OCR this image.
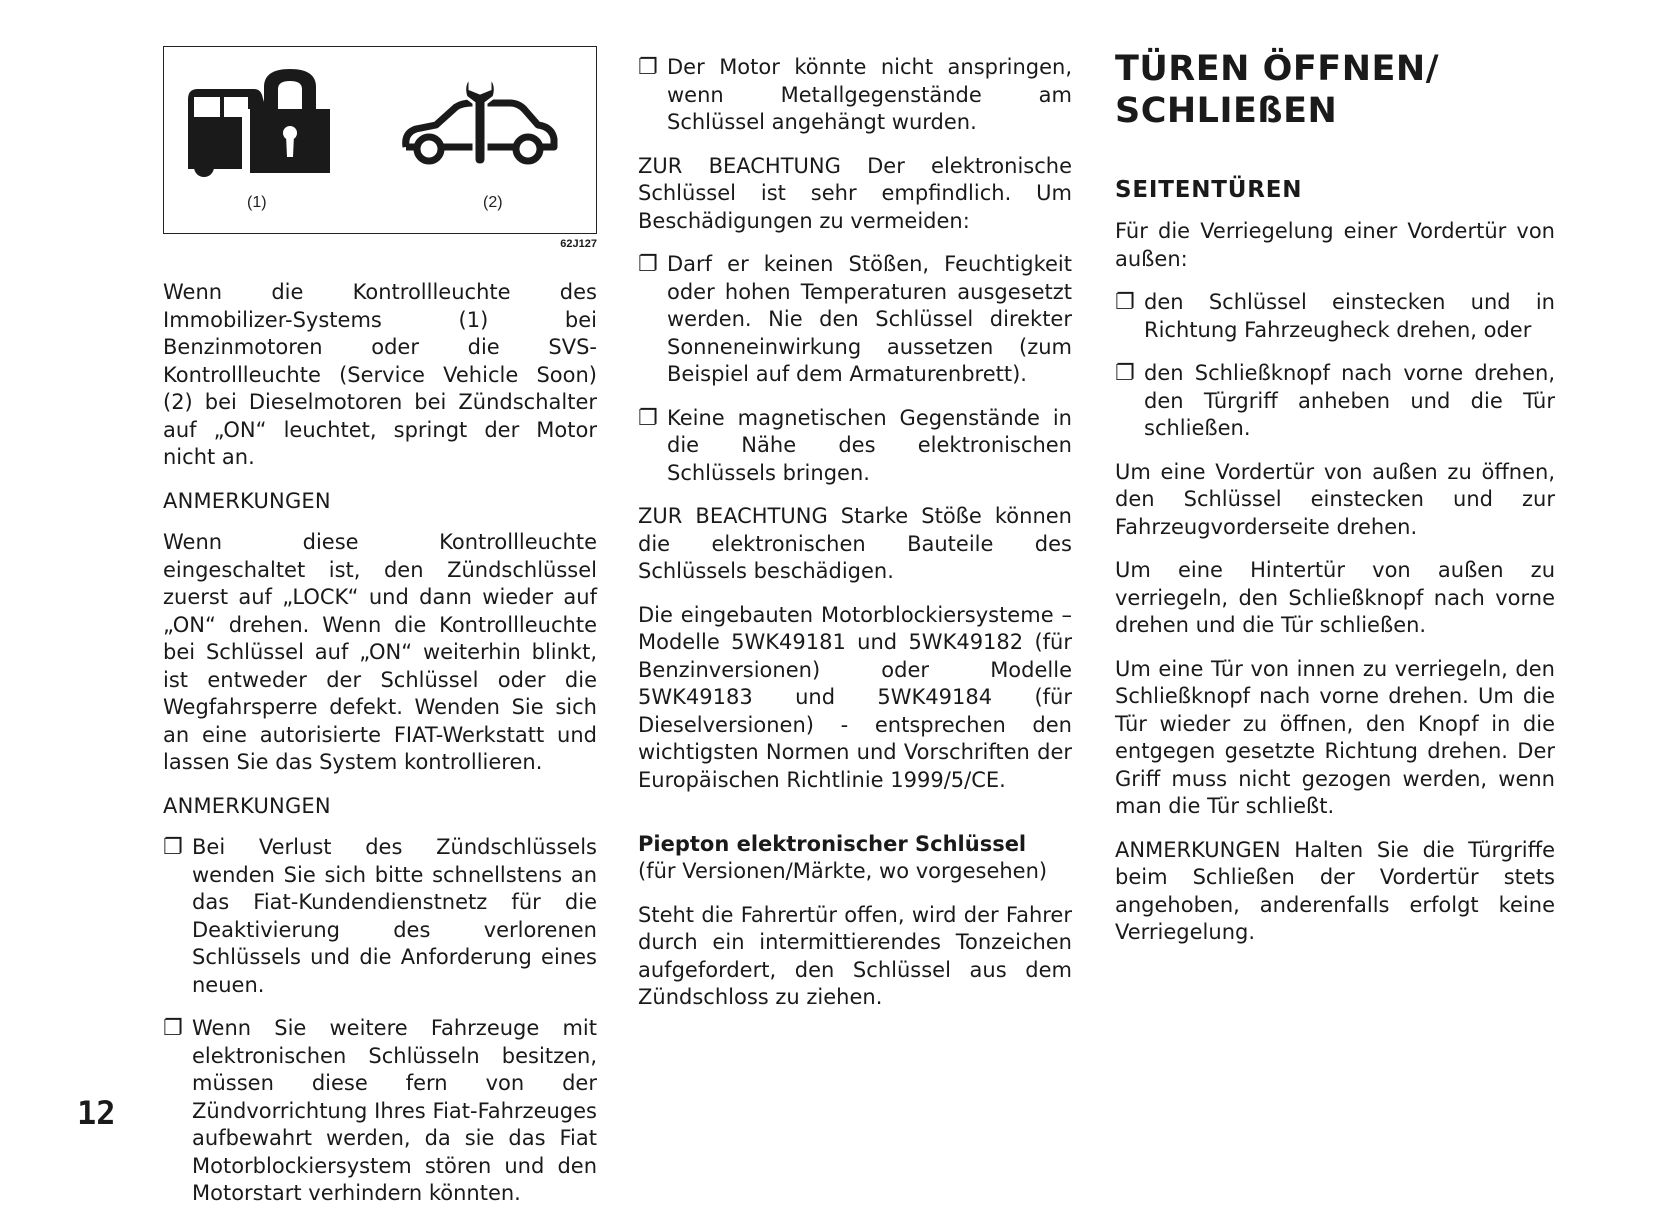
(1)	(2)
62J127

Wenn die Kontrollleuchte des Immobilizer-Systems (1) bei Benzinmotoren oder die SVS-Kontrollleuchte (Service Vehicle Soon) (2) bei Dieselmotoren bei Zündschalter auf „ON“ leuchtet, springt der Motor nicht an.

ANMERKUNGEN

Wenn diese Kontrollleuchte eingeschaltet ist, den Zündschlüssel zuerst auf „LOCK“ und dann wieder auf „ON“ drehen. Wenn die Kontrollleuchte bei Schlüssel auf „ON“ weiterhin blinkt, ist entweder der Schlüssel oder die Wegfahrsperre defekt. Wenden Sie sich an eine autorisierte FIAT-Werkstatt und lassen Sie das System kontrollieren.

ANMERKUNGEN

❐ Bei Verlust des Zündschlüssels wenden Sie sich bitte schnellstens an das Fiat-Kundendienstnetz für die Deaktivierung des verlorenen Schlüssels und die Anforderung eines neuen.
❐ Wenn Sie weitere Fahrzeuge mit elektronischen Schlüsseln besitzen, müssen diese fern von der Zündvorrichtung Ihres Fiat-Fahrzeuges aufbewahrt werden, da sie das Fiat Motorblockiersystem stören und den Motorstart verhindern könnten.
❐ Der Motor könnte nicht anspringen, wenn Metallgegenstände am Schlüssel angehängt wurden.

ZUR BEACHTUNG Der elektronische Schlüssel ist sehr empfindlich. Um Beschädigungen zu vermeiden:

❐ Darf er keinen Stößen, Feuchtigkeit oder hohen Temperaturen ausgesetzt werden. Nie den Schlüssel direkter Sonneneinwirkung aussetzen (zum Beispiel auf dem Armaturenbrett).
❐ Keine magnetischen Gegenstände in die Nähe des elektronischen Schlüssels bringen.

ZUR BEACHTUNG Starke Stöße können die elektronischen Bauteile des Schlüssels beschädigen.

Die eingebauten Motorblockiersysteme – Modelle 5WK49181 und 5WK49182 (für Benzinversionen) oder Modelle 5WK49183 und 5WK49184 (für Dieselversionen) - entsprechen den wichtigsten Normen und Vorschriften der Europäischen Richtlinie 1999/5/CE.

Piepton elektronischer Schlüssel
(für Versionen/Märkte, wo vorgesehen)

Steht die Fahrertür offen, wird der Fahrer durch ein intermittierendes Tonzeichen aufgefordert, den Schlüssel aus dem Zündschloss zu ziehen.

TÜREN ÖFFNEN/
SCHLIEßEN
SEITENTÜREN

Für die Verriegelung einer Vordertür von außen:

❐ den Schlüssel einstecken und in Richtung Fahrzeugheck drehen, oder
❐ den Schließknopf nach vorne drehen, den Türgriff anheben und die Tür schließen.

Um eine Vordertür von außen zu öffnen, den Schlüssel einstecken und zur Fahrzeugvorderseite drehen.

Um eine Hintertür von außen zu verriegeln, den Schließknopf nach vorne drehen und die Tür schließen.

Um eine Tür von innen zu verriegeln, den Schließknopf nach vorne drehen. Um die Tür wieder zu öffnen, den Knopf in die entgegen gesetzte Richtung drehen. Der Griff muss nicht gezogen werden, wenn man die Tür schließt.

ANMERKUNGEN Halten Sie die Türgriffe beim Schließen der Vordertür stets angehoben, anderenfalls erfolgt keine Verriegelung.

12
